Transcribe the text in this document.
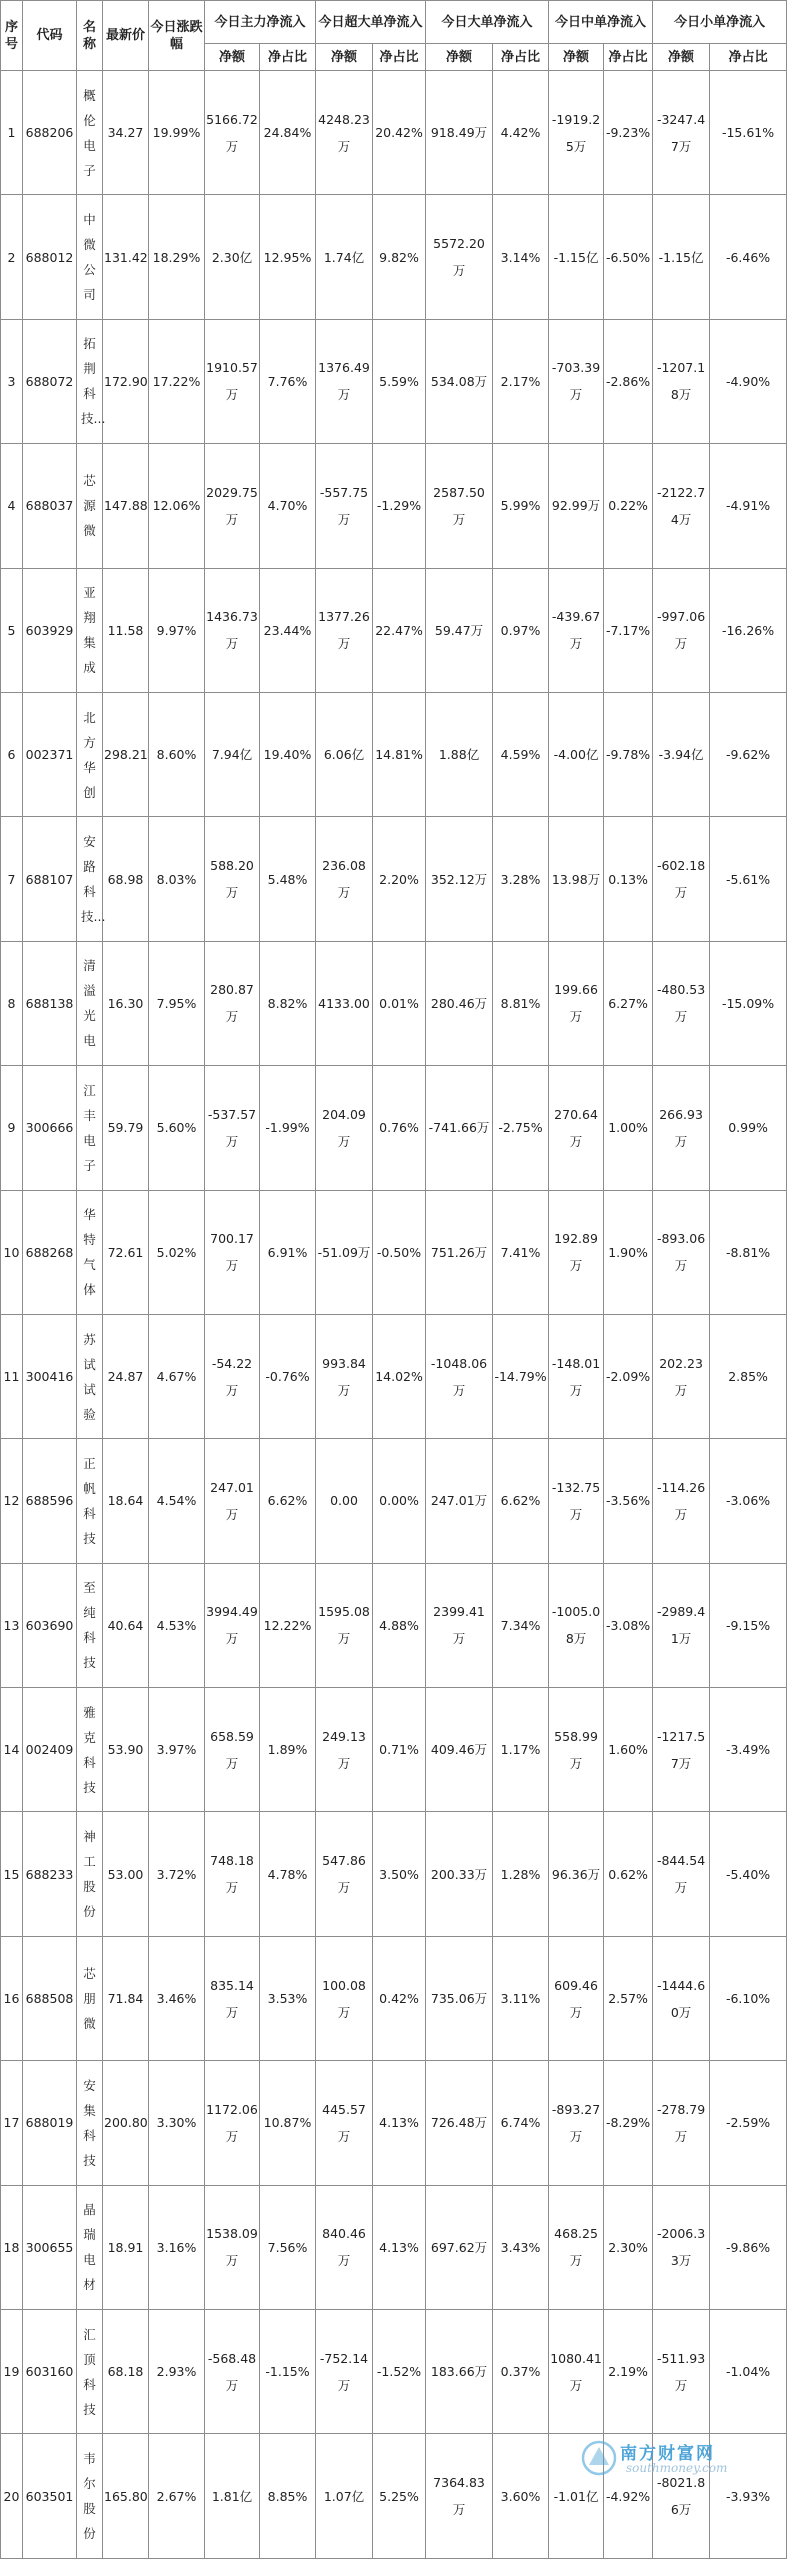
序号	代码	名称	最新价	今日涨跌幅	今日主力净流入		今日超大单净流入		今日大单净流入		今日中单净流入		今日小单净流入	
					净额	净占比	净额	净占比	净额	净占比	净额	净占比	净额	净占比
1	688206	概伦电子	34.27	19.99%	5166.72万	24.84%	4248.23万	20.42%	918.49万	4.42%	-1919.25万	-9.23%	-3247.47万	-15.61%
2	688012	中微公司	131.42	18.29%	2.30亿	12.95%	1.74亿	9.82%	5572.20万	3.14%	-1.15亿	-6.50%	-1.15亿	-6.46%
3	688072	拓荆科技...	172.90	17.22%	1910.57万	7.76%	1376.49万	5.59%	534.08万	2.17%	-703.39万	-2.86%	-1207.18万	-4.90%
4	688037	芯源微	147.88	12.06%	2029.75万	4.70%	-557.75万	-1.29%	2587.50万	5.99%	92.99万	0.22%	-2122.74万	-4.91%
5	603929	亚翔集成	11.58	9.97%	1436.73万	23.44%	1377.26万	22.47%	59.47万	0.97%	-439.67万	-7.17%	-997.06万	-16.26%
6	002371	北方华创	298.21	8.60%	7.94亿	19.40%	6.06亿	14.81%	1.88亿	4.59%	-4.00亿	-9.78%	-3.94亿	-9.62%
7	688107	安路科技...	68.98	8.03%	588.20万	5.48%	236.08万	2.20%	352.12万	3.28%	13.98万	0.13%	-602.18万	-5.61%
8	688138	清溢光电	16.30	7.95%	280.87万	8.82%	4133.00	0.01%	280.46万	8.81%	199.66万	6.27%	-480.53万	-15.09%
9	300666	江丰电子	59.79	5.60%	-537.57万	-1.99%	204.09万	0.76%	-741.66万	-2.75%	270.64万	1.00%	266.93万	0.99%
10	688268	华特气体	72.61	5.02%	700.17万	6.91%	-51.09万	-0.50%	751.26万	7.41%	192.89万	1.90%	-893.06万	-8.81%
11	300416	苏试试验	24.87	4.67%	-54.22万	-0.76%	993.84万	14.02%	-1048.06万	-14.79%	-148.01万	-2.09%	202.23万	2.85%
12	688596	正帆科技	18.64	4.54%	247.01万	6.62%	0.00	0.00%	247.01万	6.62%	-132.75万	-3.56%	-114.26万	-3.06%
13	603690	至纯科技	40.64	4.53%	3994.49万	12.22%	1595.08万	4.88%	2399.41万	7.34%	-1005.08万	-3.08%	-2989.41万	-9.15%
14	002409	雅克科技	53.90	3.97%	658.59万	1.89%	249.13万	0.71%	409.46万	1.17%	558.99万	1.60%	-1217.57万	-3.49%
15	688233	神工股份	53.00	3.72%	748.18万	4.78%	547.86万	3.50%	200.33万	1.28%	96.36万	0.62%	-844.54万	-5.40%
16	688508	芯朋微	71.84	3.46%	835.14万	3.53%	100.08万	0.42%	735.06万	3.11%	609.46万	2.57%	-1444.60万	-6.10%
17	688019	安集科技	200.80	3.30%	1172.06万	10.87%	445.57万	4.13%	726.48万	6.74%	-893.27万	-8.29%	-278.79万	-2.59%
18	300655	晶瑞电材	18.91	3.16%	1538.09万	7.56%	840.46万	4.13%	697.62万	3.43%	468.25万	2.30%	-2006.33万	-9.86%
19	603160	汇顶科技	68.18	2.93%	-568.48万	-1.15%	-752.14万	-1.52%	183.66万	0.37%	1080.41万	2.19%	-511.93万	-1.04%
20	603501	韦尔股份	165.80	2.67%	1.81亿	8.85%	1.07亿	5.25%	7364.83万	3.60%	-1.01亿	-4.92%	-8021.86万	-3.93%
南方财富网
southmoney.com
